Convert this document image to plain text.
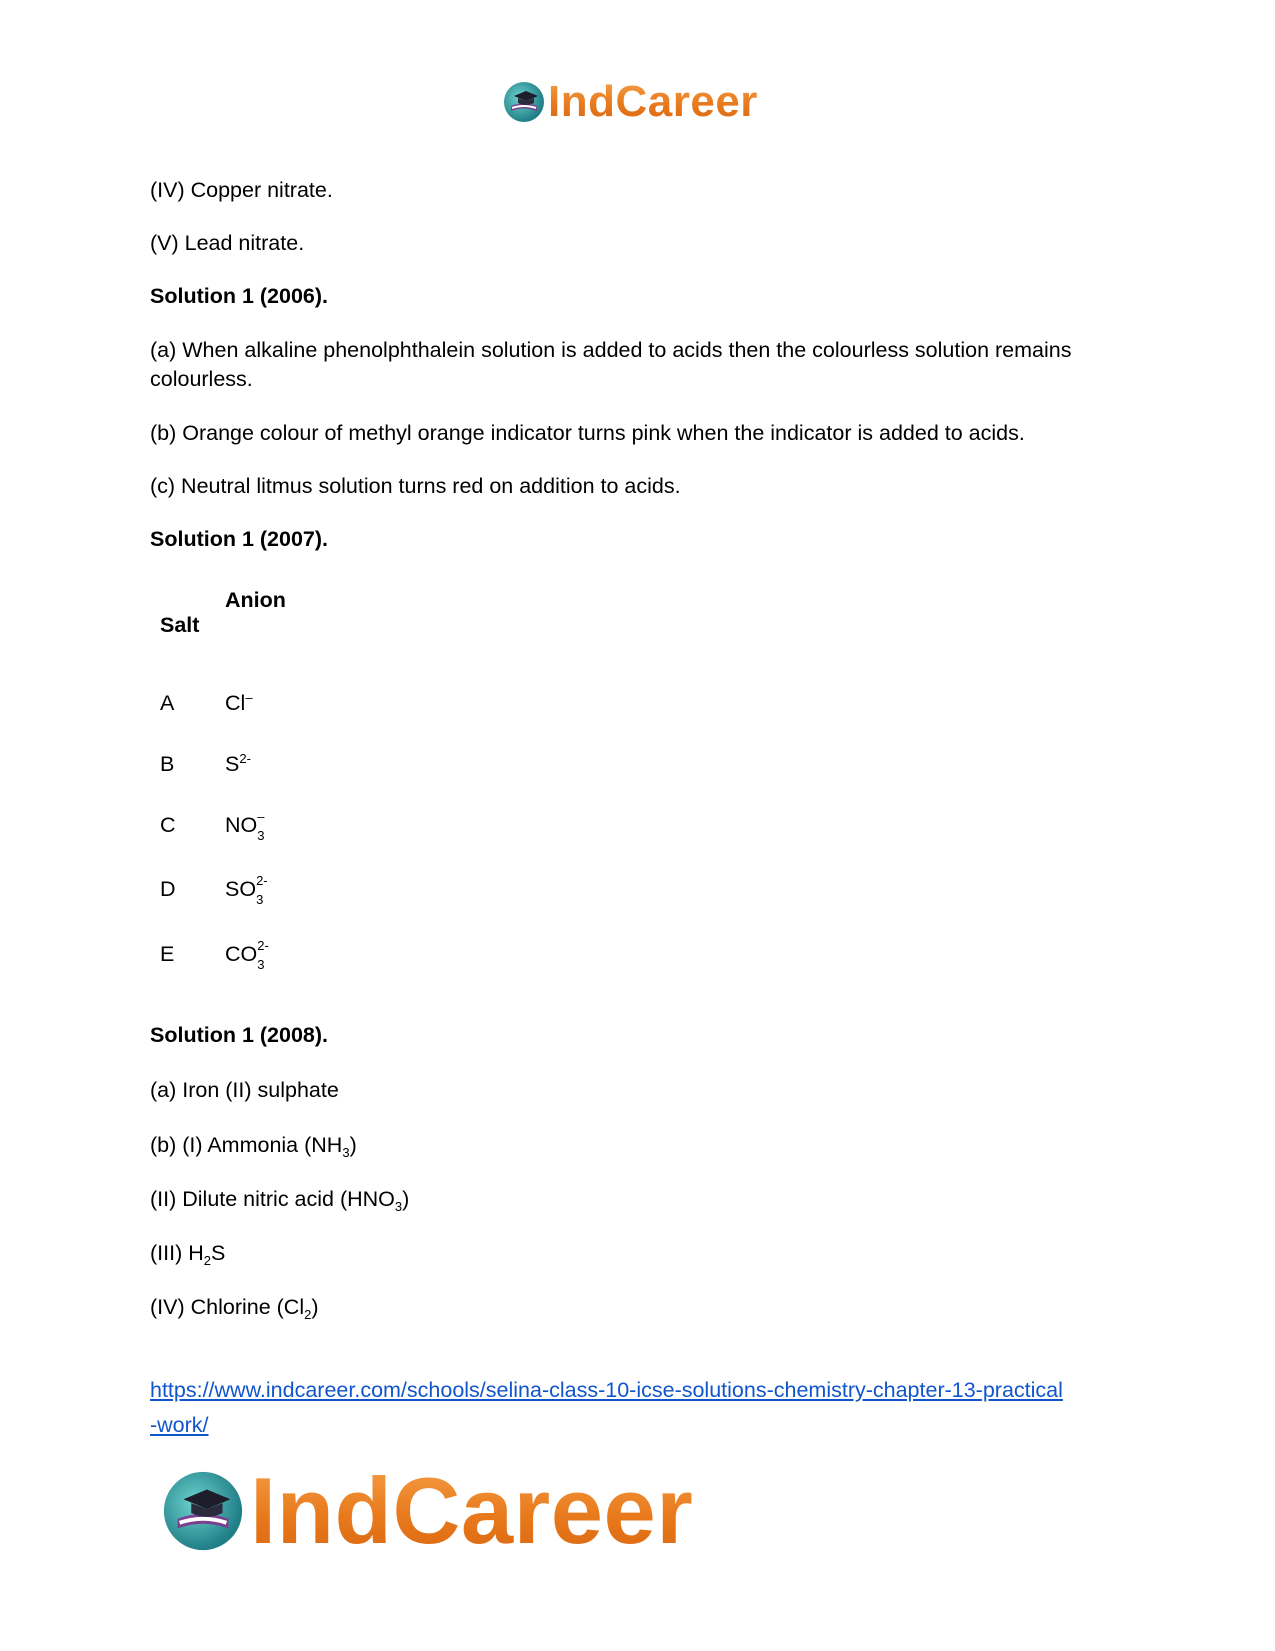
IndCareer
(IV) Copper nitrate.
(V) Lead nitrate.
Solution 1 (2006).
(a) When alkaline phenolphthalein solution is added to acids then the colourless solution remains colourless.
(b) Orange colour of methyl orange indicator turns pink when the indicator is added to acids.
(c) Neutral litmus solution turns red on addition to acids.
Solution 1 (2007).
Salt
Anion
A Cl–
B $S^{2-}$
C NO –
3
D SO 2-
3
E CO 2-
3
Solution 1 (2008).
(a) Iron (II) sulphate
(b) (I) Ammonia $(NH_3)$
(II) Dilute nitric acid $(HNO_3)$
(III) $H_2S$
(IV) Chlorine $(Cl_2)$
https://www.indcareer.com/schools/selina-class-10-icse-solutions-chemistry-chapter-13-practical
-work/
IndCareer
